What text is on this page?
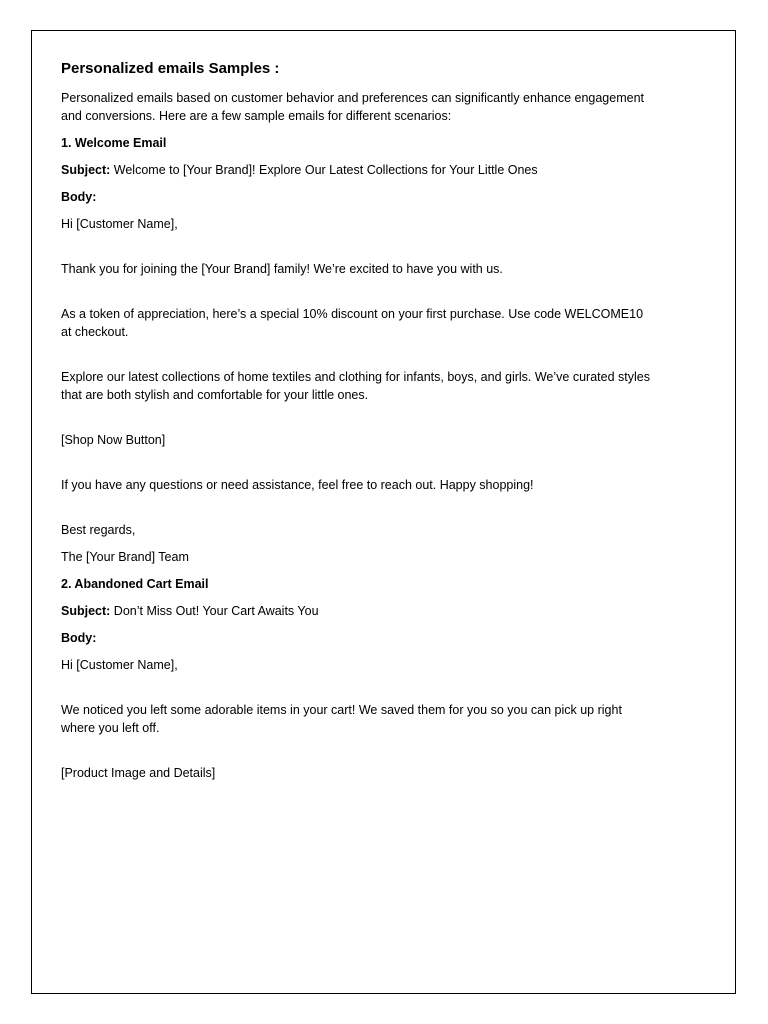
Personalized emails Samples :

Personalized emails based on customer behavior and preferences can significantly enhance engagement and conversions. Here are a few sample emails for different scenarios:

1. Welcome Email

Subject: Welcome to [Your Brand]! Explore Our Latest Collections for Your Little Ones

Body:

Hi [Customer Name],

Thank you for joining the [Your Brand] family! We’re excited to have you with us.

As a token of appreciation, here’s a special 10% discount on your first purchase. Use code WELCOME10 at checkout.

Explore our latest collections of home textiles and clothing for infants, boys, and girls. We’ve curated styles that are both stylish and comfortable for your little ones.

[Shop Now Button]

If you have any questions or need assistance, feel free to reach out. Happy shopping!

Best regards,

The [Your Brand] Team

2. Abandoned Cart Email

Subject: Don’t Miss Out! Your Cart Awaits You

Body:

Hi [Customer Name],

We noticed you left some adorable items in your cart! We saved them for you so you can pick up right where you left off.

[Product Image and Details]
